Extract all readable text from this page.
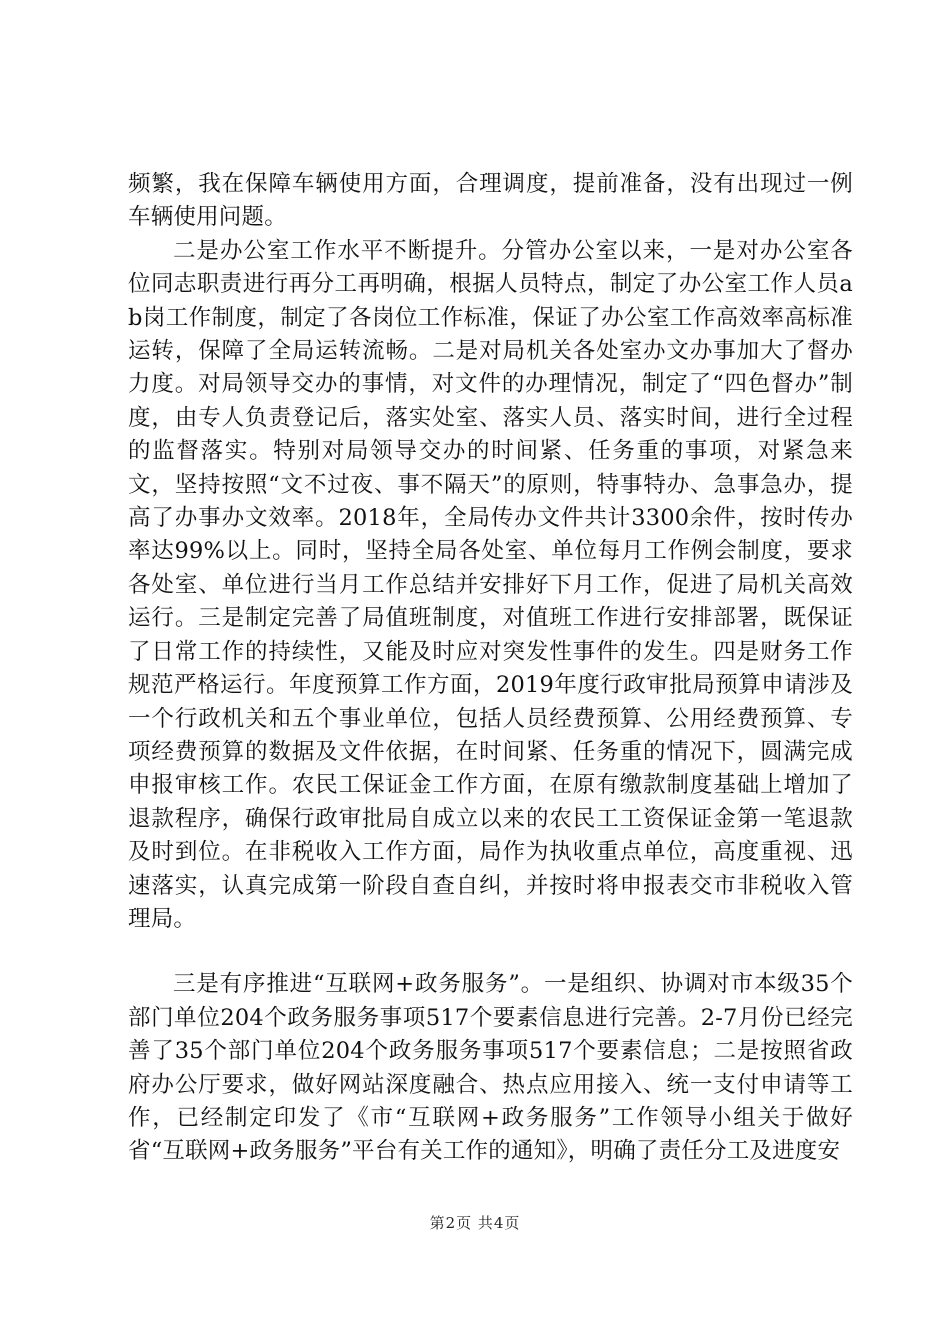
频繁，我在保障车辆使用方面，合理调度，提前准备，没有出现过一例车辆使用问题。

二是办公室工作水平不断提升。分管办公室以来，一是对办公室各位同志职责进行再分工再明确，根据人员特点，制定了办公室工作人员ab岗工作制度，制定了各岗位工作标准，保证了办公室工作高效率高标准运转，保障了全局运转流畅。二是对局机关各处室办文办事加大了督办力度。对局领导交办的事情，对文件的办理情况，制定了“四色督办”制度，由专人负责登记后，落实处室、落实人员、落实时间，进行全过程的监督落实。特别对局领导交办的时间紧、任务重的事项，对紧急来文，坚持按照“文不过夜、事不隔天”的原则，特事特办、急事急办，提高了办事办文效率。2018年，全局传办文件共计3300余件，按时传办率达99%以上。同时，坚持全局各处室、单位每月工作例会制度，要求各处室、单位进行当月工作总结并安排好下月工作，促进了局机关高效运行。三是制定完善了局值班制度，对值班工作进行安排部署，既保证了日常工作的持续性，又能及时应对突发性事件的发生。四是财务工作规范严格运行。年度预算工作方面，2019年度行政审批局预算申请涉及一个行政机关和五个事业单位，包括人员经费预算、公用经费预算、专项经费预算的数据及文件依据，在时间紧、任务重的情况下，圆满完成申报审核工作。农民工保证金工作方面，在原有缴款制度基础上增加了退款程序，确保行政审批局自成立以来的农民工工资保证金第一笔退款及时到位。在非税收入工作方面，局作为执收重点单位，高度重视、迅速落实，认真完成第一阶段自查自纠，并按时将申报表交市非税收入管理局。

三是有序推进“互联网+政务服务”。一是组织、协调对市本级35个部门单位204个政务服务事项517个要素信息进行完善。2-7月份已经完善了35个部门单位204个政务服务事项517个要素信息；二是按照省政府办公厅要求，做好网站深度融合、热点应用接入、统一支付申请等工作，已经制定印发了《市“互联网+政务服务”工作领导小组关于做好省“互联网+政务服务”平台有关工作的通知》，明确了责任分工及进度安

第2页 共4页
